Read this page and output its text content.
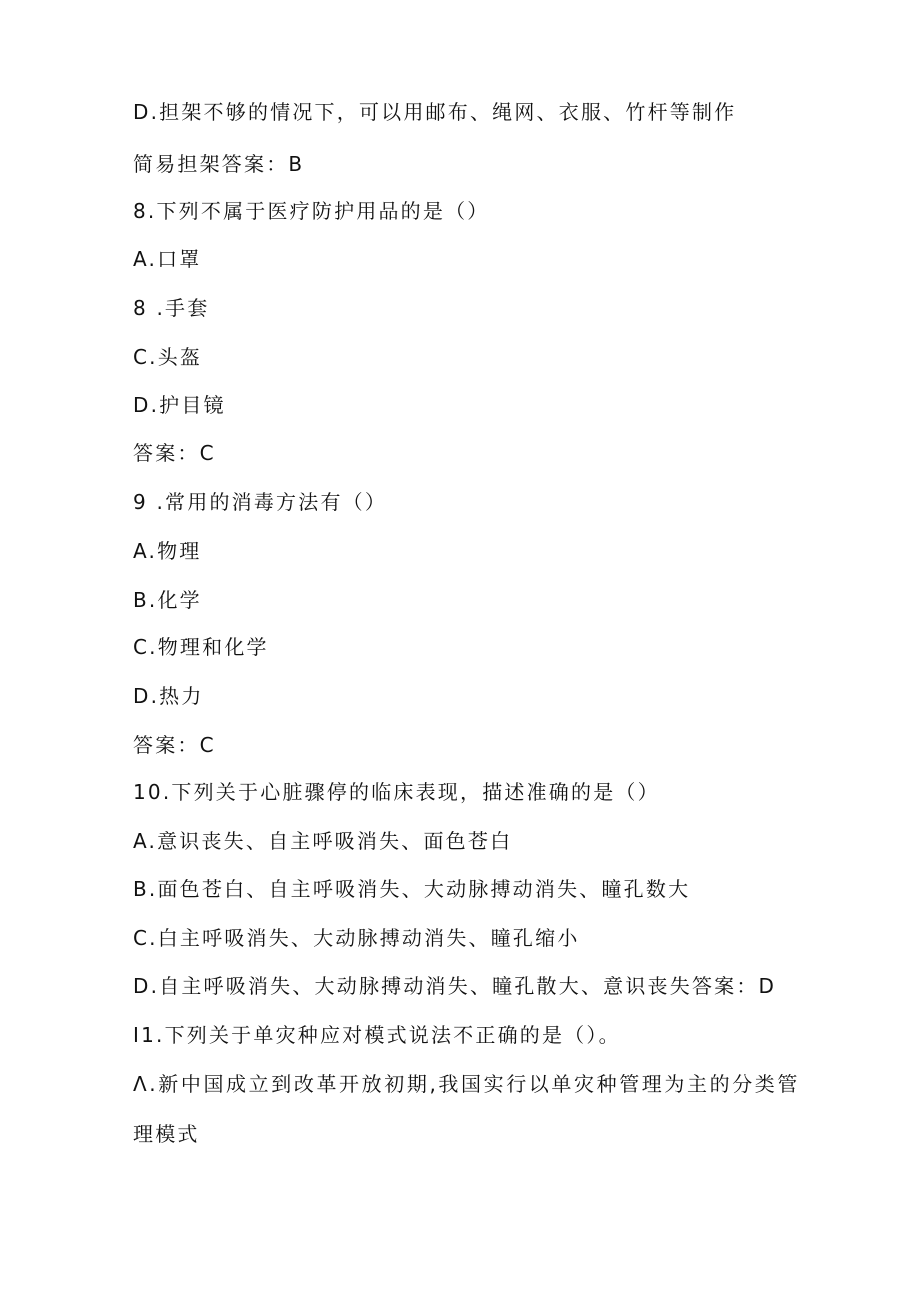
D.担架不够的情况下，可以用邮布、绳网、衣服、竹杆等制作
简易担架答案：B
8.下列不属于医疗防护用品的是（）
A.口罩
8 .手套
C.头盔
D.护目镜
答案：C
9 .常用的消毒方法有（）
A.物理
B.化学
C.物理和化学
D.热力
答案：C
10.下列关于心脏骤停的临床表现，描述准确的是（）
A.意识丧失、自主呼吸消失、面色苍白
B.面色苍白、自主呼吸消失、大动脉搏动消失、瞳孔数大
C.白主呼吸消失、大动脉搏动消失、瞳孔缩小
D.自主呼吸消失、大动脉搏动消失、瞳孔散大、意识丧失答案：D
I1.下列关于单灾种应对模式说法不正确的是（）。
Λ.新中国成立到改革开放初期,我国实行以单灾种管理为主的分类管
理模式
